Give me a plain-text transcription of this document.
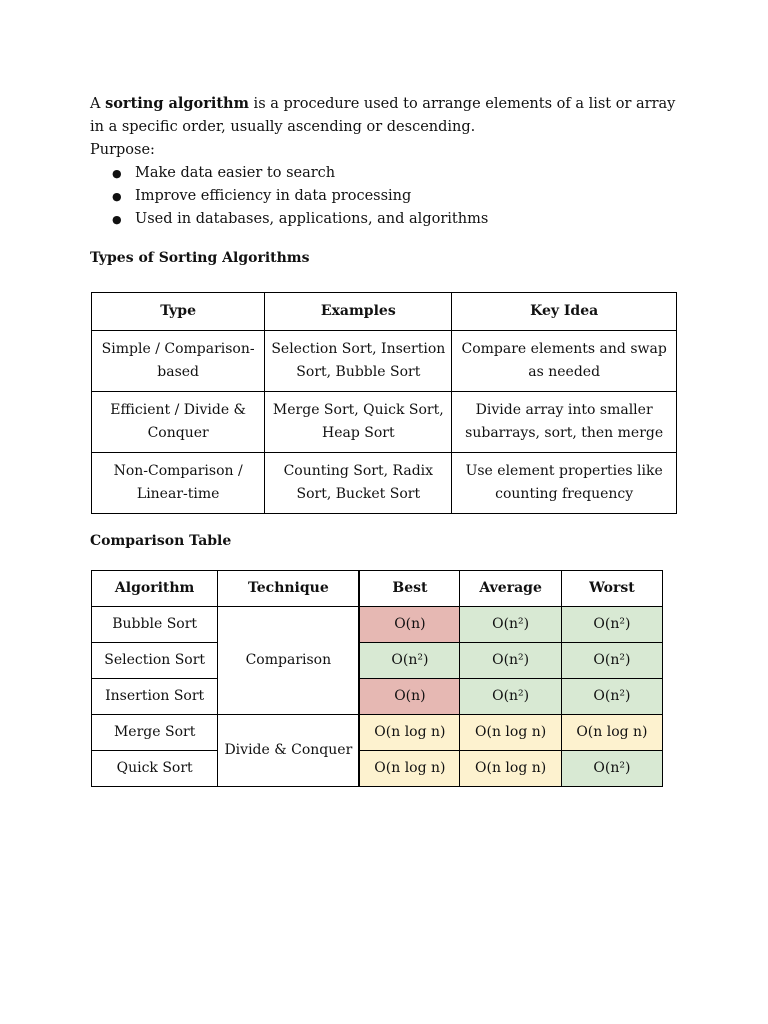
A sorting algorithm is a procedure used to arrange elements of a list or array in a specific order, usually ascending or descending.

Purpose:

● Make data easier to search
● Improve efficiency in data processing
● Used in databases, applications, and algorithms

Types of Sorting Algorithms

Type	Examples	Key Idea
Simple / Comparison-based	Selection Sort, Insertion Sort, Bubble Sort	Compare elements and swap as needed
Efficient / Divide & Conquer	Merge Sort, Quick Sort, Heap Sort	Divide array into smaller subarrays, sort, then merge
Non-Comparison / Linear-time	Counting Sort, Radix Sort, Bucket Sort	Use element properties like counting frequency

Comparison Table

Algorithm	Technique	Best	Average	Worst
Bubble Sort	Comparison	O(n)	O(n²)	O(n²)
Selection Sort		O(n²)	O(n²)	O(n²)
Insertion Sort		O(n)	O(n²)	O(n²)
Merge Sort	Divide & Conquer	O(n log n)	O(n log n)	O(n log n)
Quick Sort		O(n log n)	O(n log n)	O(n²)
